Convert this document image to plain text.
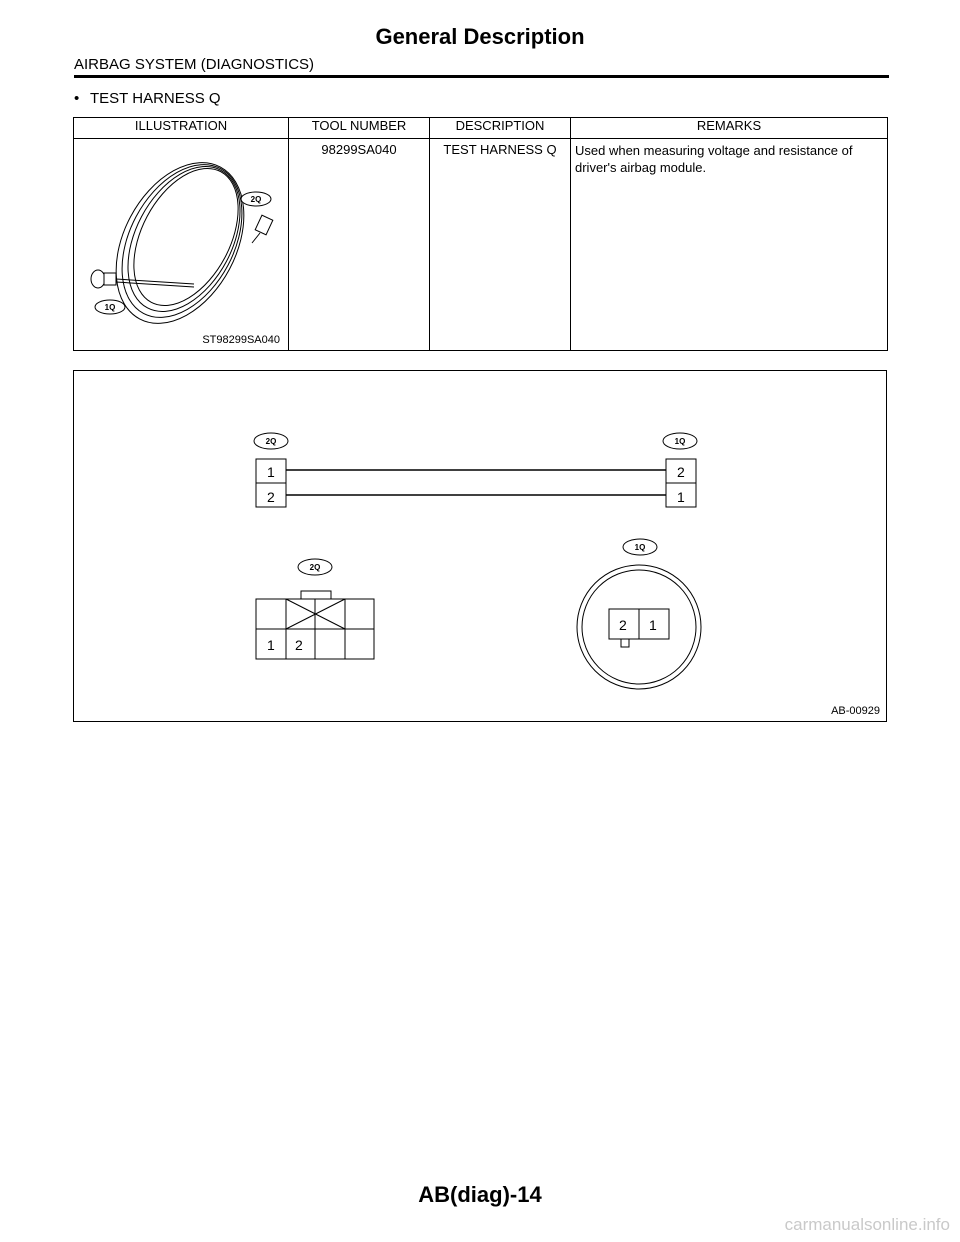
General Description
AIRBAG SYSTEM (DIAGNOSTICS)
• TEST HARNESS Q
ILLUSTRATION	TOOL NUMBER	DESCRIPTION	REMARKS

2Q
1Q
ST98299SA040	98299SA040	TEST HARNESS Q	Used when measuring voltage and resistance of driver's airbag module.
2Q	1Q
1
2
2
1
2Q
1 2
1Q
2 1
AB-00929
AB(diag)-14
carmanualsonline.info
